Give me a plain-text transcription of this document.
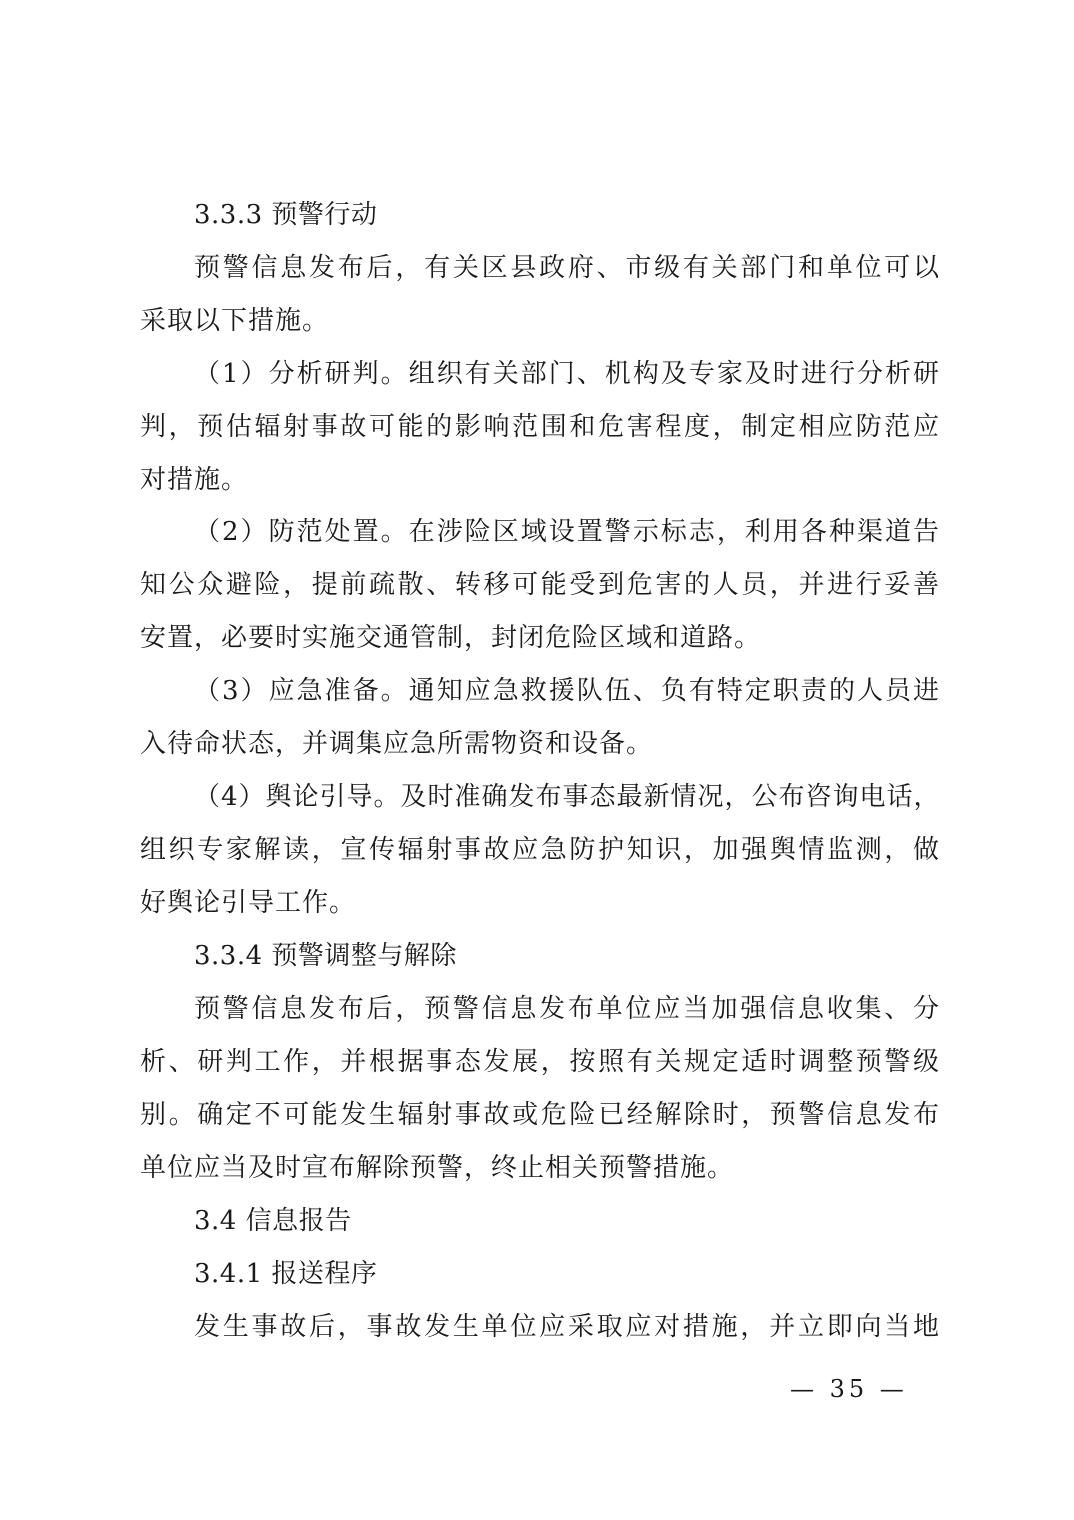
3.3.3 预警行动
预警信息发布后，有关区县政府、市级有关部门和单位可以
采取以下措施。
（1）分析研判。组织有关部门、机构及专家及时进行分析研
判，预估辐射事故可能的影响范围和危害程度，制定相应防范应
对措施。
（2）防范处置。在涉险区域设置警示标志，利用各种渠道告
知公众避险，提前疏散、转移可能受到危害的人员，并进行妥善
安置，必要时实施交通管制，封闭危险区域和道路。
（3）应急准备。通知应急救援队伍、负有特定职责的人员进
入待命状态，并调集应急所需物资和设备。
（4）舆论引导。及时准确发布事态最新情况，公布咨询电话，
组织专家解读，宣传辐射事故应急防护知识，加强舆情监测，做
好舆论引导工作。
3.3.4 预警调整与解除
预警信息发布后，预警信息发布单位应当加强信息收集、分
析、研判工作，并根据事态发展，按照有关规定适时调整预警级
别。确定不可能发生辐射事故或危险已经解除时，预警信息发布
单位应当及时宣布解除预警，终止相关预警措施。
3.4 信息报告
3.4.1 报送程序
发生事故后，事故发生单位应采取应对措施，并立即向当地
— 35 —
